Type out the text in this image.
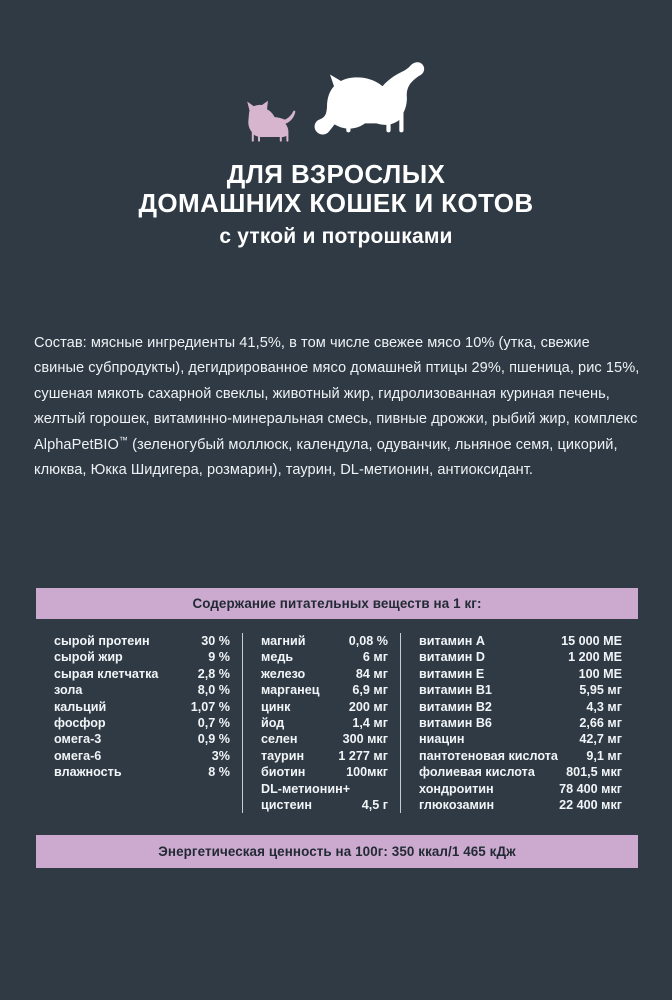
ДЛЯ ВЗРОСЛЫХ
ДОМАШНИХ КОШЕК И КОТОВ
с уткой и потрошками

Состав: мясные ингредиенты 41,5%, в том числе свежее мясо 10% (утка, свежие свиные субпродукты), дегидрированное мясо домашней птицы 29%, пшеница, рис 15%, сушеная мякоть сахарной свеклы, животный жир, гидролизованная куриная печень, желтый горошек, витаминно-минеральная смесь, пивные дрожжи, рыбий жир, комплекс AlphaPetBIO™ (зеленогубый моллюск, календула, одуванчик, льняное семя, цикорий, клюква, Юкка Шидигера, розмарин), таурин, DL-метионин, антиоксидант.

Содержание питательных веществ на 1 кг:
сырой протеин	30 %
сырой жир	9 %
сырая клетчатка	2,8 %
зола	8,0 %
кальций	1,07 %
фосфор	0,7 %
омега-3	0,9 %
омега-6	3%
влажность	8 %
магний	0,08 %
медь	6 мг
железо	84 мг
марганец	6,9 мг
цинк	200 мг
йод	1,4 мг
селен	300 мкг
таурин	1 277 мг
биотин	100мкг
DL-метионин+
цистеин	4,5 г
витамин А	15 000 МЕ
витамин D	1 200 МЕ
витамин Е	100 МЕ
витамин В1	5,95 мг
витамин В2	4,3 мг
витамин В6	2,66 мг
ниацин	42,7 мг
пантотеновая кислота	9,1 мг
фолиевая кислота	801,5 мкг
хондроитин	78 400 мкг
глюкозамин	22 400 мкг
Энергетическая ценность на 100г: 350 ккал/1 465 кДж
